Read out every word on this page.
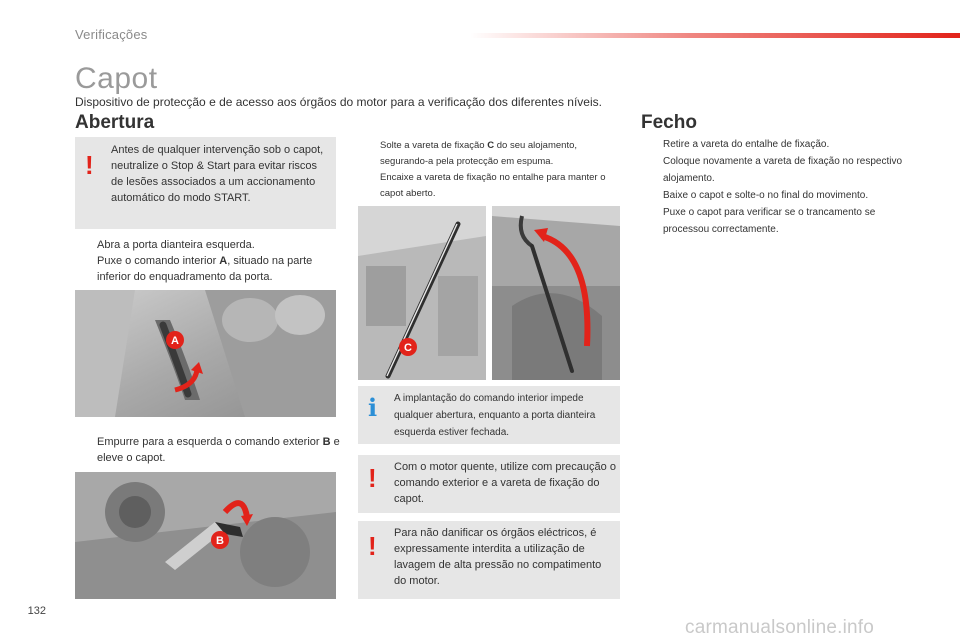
Verificações
Capot
Dispositivo de protecção e de acesso aos órgãos do motor para a verificação dos diferentes níveis.
Abertura
! Antes de qualquer intervenção sob o capot, neutralize o Stop & Start para evitar riscos de lesões associados a um accionamento automático do modo START.
Abra a porta dianteira esquerda.
Puxe o comando interior A, situado na parte inferior do enquadramento da porta.
A
Empurre para a esquerda o comando exterior B e eleve o capot.
B
Solte a vareta de fixação C do seu alojamento, segurando-a pela protecção em espuma.
Encaixe a vareta de fixação no entalhe para manter o capot aberto.
C
i A implantação do comando interior impede qualquer abertura, enquanto a porta dianteira esquerda estiver fechada.
! Com o motor quente, utilize com precaução o comando exterior e a vareta de fixação do capot.
! Para não danificar os órgãos eléctricos, é expressamente interdita a utilização de lavagem de alta pressão no compatimento do motor.
Fecho
Retire a vareta do entalhe de fixação.
Coloque novamente a vareta de fixação no respectivo alojamento.
Baixe o capot e solte-o no final do movimento.
Puxe o capot para verificar se o trancamento se processou correctamente.
132
carmanualsonline.info
